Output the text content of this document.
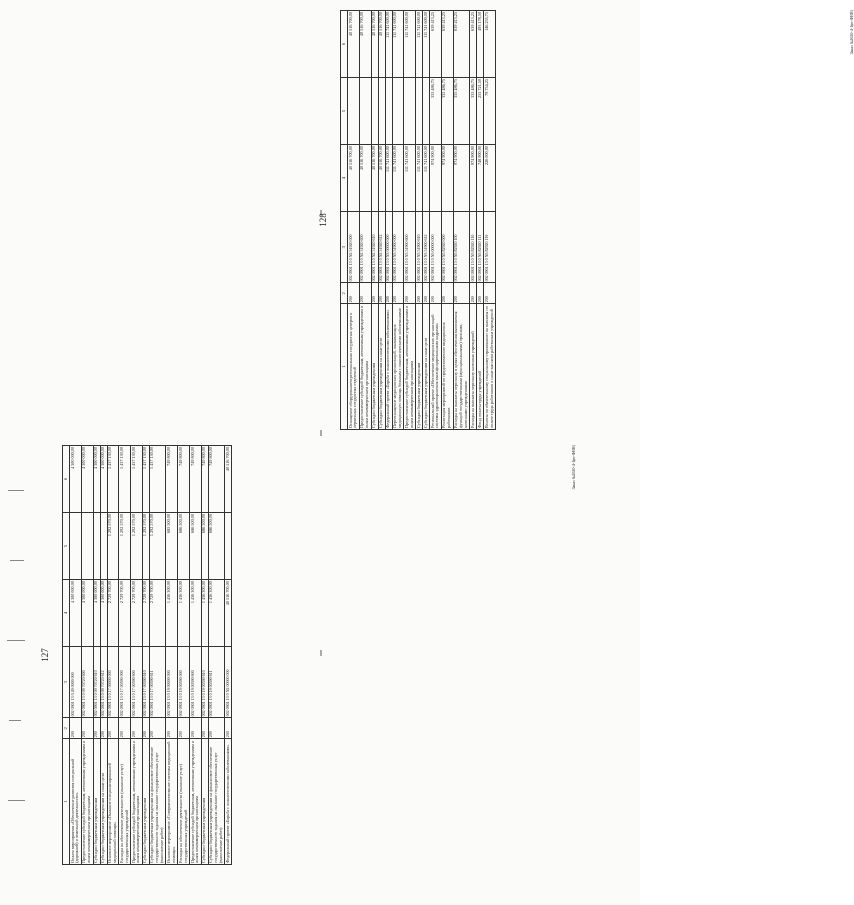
127
1	2	3	4	5	6
Оплата мероприятия «Обеспечение развития специальной (дорожной) и земельной деятельности»	200	002 0901 13 0 49 0000 000	4 300 000,00		4 300 000,00
Предоставление субсидий бюджетным, автономным учреждениям и иным некоммерческим организациям	200	002 0901 13 0 09 70720 600	4 300 000,00		4 300 000,00
Субсидии бюджетным учреждениям	200	002 0901 13 0 09 70720 610	4 300 000,00		4 300 000,00
Субсидии бюджетным учреждениям на иные цели	200	002 0901 13 0 09 70720 612	4 300 000,00		4 300 000,00
Основное мероприятие «Оказание специализированной медицинской помощи»	200	002 0901 13 0 17 00000 000	2 729 700,00	1 292 570,00	1 437 130,00
Расходы на обеспечение деятельности (оказание услуг) государственных учреждений	200	002 0901 13 0 17 00590 000	2 729 700,00	1 292 570,00	1 437 130,00
Предоставление субсидий бюджетным, автономным учреждениям и иным некоммерческим организациям	200	002 0901 13 0 17 00590 600	2 729 700,00	1 292 570,00	1 437 130,00
Субсидии бюджетным учреждениям	200	002 0901 13 0 17 00590 610	2 729 700,00	1 292 570,00	1 437 130,00
Субсидии бюджетным учреждениям на финансовое обеспечение государственного задания на оказание государственных услуг (выполнение работ)	200	002 0901 13 0 17 00590 611	2 729 700,00	1 292 570,00	1 437 130,00
Основное мероприятие «Совершенствование системы медицинской помощи»	200	002 0901 13 0 19 00000 000	1 436 300,00	685 500,00	749 800,00
Расходы на обеспечение деятельности (оказание услуг) государственных учреждений	200	002 0901 13 0 19 00590 000	1 436 300,00	686 500,00	749 800,00
Предоставление субсидий бюджетным, автономным учреждениям и иным некоммерческим организациям	200	002 0901 13 0 19 00590 600	1 436 300,00	686 500,00	749 800,00
Субсидии бюджетным учреждениям	200	002 0901 13 0 19 00590 610	1 436 300,00	686 500,00	749 800,00
Субсидии бюджетным учреждениям на финансовое обеспечение государственного задания на оказание государственных услуг (выполнение работ)	200	002 0901 13 0 19 00590 611	1 436 300,00	686 500,00	749 800,00
Федеральный проект «Борьба с онкологическими заболеваниями»	200	002 0901 13 0 N2 00000 000	40 516 700,00		40 516 700,00	Заказ №2020-4-1(ю-ФНН)
128
1	2	3	4	5	6
Оснащение оборудованием региональных сосудистых центров и первичных сосудистых отделений	200	002 0901 13 0 N2 51920 000	40 516 700,00		40 516 700,00
Предоставление субсидий бюджетным, автономным учреждениям и иным некоммерческим организациям	200	002 0901 13 0 N2 51920 600	40 516 700,00		40 516 700,00
Субсидии бюджетным учреждениям	200	002 0901 13 0 N2 51920 610	40 516 700,00		40 516 700,00
Субсидии бюджетным учреждениям на иные цели	200	002 0901 13 0 N2 51920 612	40 516 700,00		40 516 700,00
Федеральный проект «Борьба с онкологическими заболеваниями»	200	002 0901 13 0 N3 00000 000	111 741 600,00		111 741 600,00
Переоснащение медицинских организаций, оказывающих медицинскую помощь больным с онкологическими заболеваниями	200	002 0901 13 0 N3 51900 000	111 741 600,00		111 741 600,00
Предоставление субсидий бюджетным, автономным учреждениям и иным некоммерческим организациям	200	002 0901 13 0 N3 51900 600	111 741 600,00		111 741 600,00
Субсидии бюджетным учреждениям	200	002 0901 13 0 N3 51900 610	111 741 600,00		111 741 600,00
Субсидии бюджетным учреждениям на иные цели	200	002 0901 13 0 N3 51900 612	111 741 600,00		111 741 600,00
Региональный проект «Обеспечение медицинских организаций системы здравоохранения квалифицированными кадрами»	200	002 0901 13 0 N5 00000 000	974 900,00	335 486,75	639 413,25
Реализация мероприятий по предоставлению медицинских работников	200	002 0901 13 0 N5 82920 000	974 900,00	335 486,75	639 413,25
Расходы на выплаты персоналу в целях обеспечения выполнения функций государственными (муниципальными) органами, казенными учреждениями	200	002 0901 13 0 N5 82920 100	974 900,00	335 486,75	639 413,25
Расходы на выплаты персоналу казенных учреждений	200	002 0901 13 0 N5 82920 110	974 900,00	335 486,75	639 413,25
Фонд оплаты труда учреждений	200	002 0901 13 0 N5 82920 111	748 900,00	255 721,50	493 178,50
Взносы по обязательному социальному страхованию на выплаты по оплате труда работников и иные выплаты работникам учреждений	200	002 0901 13 0 N5 82920 119	226 000,00	79 754,25	146 235,75	Заказ №2020-4-1(ю-ФНН)
